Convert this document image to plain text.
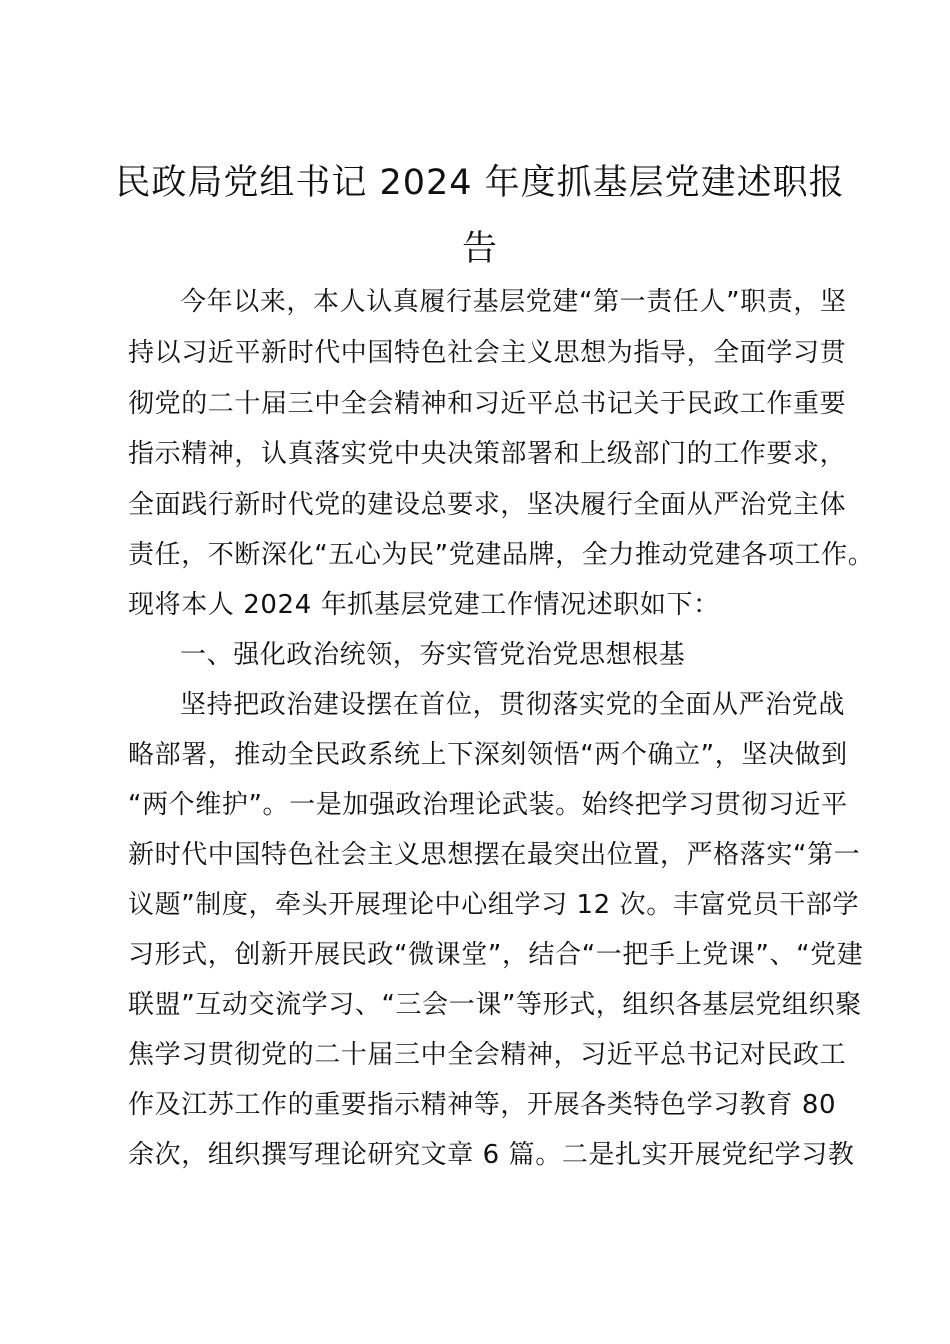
民政局党组书记 2024 年度抓基层党建述职报
告

今年以来，本人认真履行基层党建“第一责任人”职责，坚

持以习近平新时代中国特色社会主义思想为指导，全面学习贯

彻党的二十届三中全会精神和习近平总书记关于民政工作重要

指示精神，认真落实党中央决策部署和上级部门的工作要求，

全面践行新时代党的建设总要求，坚决履行全面从严治党主体

责任，不断深化“五心为民”党建品牌，全力推动党建各项工作。

现将本人 2024 年抓基层党建工作情况述职如下：

一、强化政治统领，夯实管党治党思想根基

坚持把政治建设摆在首位，贯彻落实党的全面从严治党战

略部署，推动全民政系统上下深刻领悟“两个确立”，坚决做到

“两个维护”。一是加强政治理论武装。始终把学习贯彻习近平

新时代中国特色社会主义思想摆在最突出位置，严格落实“第一

议题”制度，牵头开展理论中心组学习 12 次。丰富党员干部学

习形式，创新开展民政“微课堂”，结合“一把手上党课”、“党建

联盟”互动交流学习、“三会一课”等形式，组织各基层党组织聚

焦学习贯彻党的二十届三中全会精神，习近平总书记对民政工

作及江苏工作的重要指示精神等，开展各类特色学习教育 80

余次，组织撰写理论研究文章 6 篇。二是扎实开展党纪学习教
